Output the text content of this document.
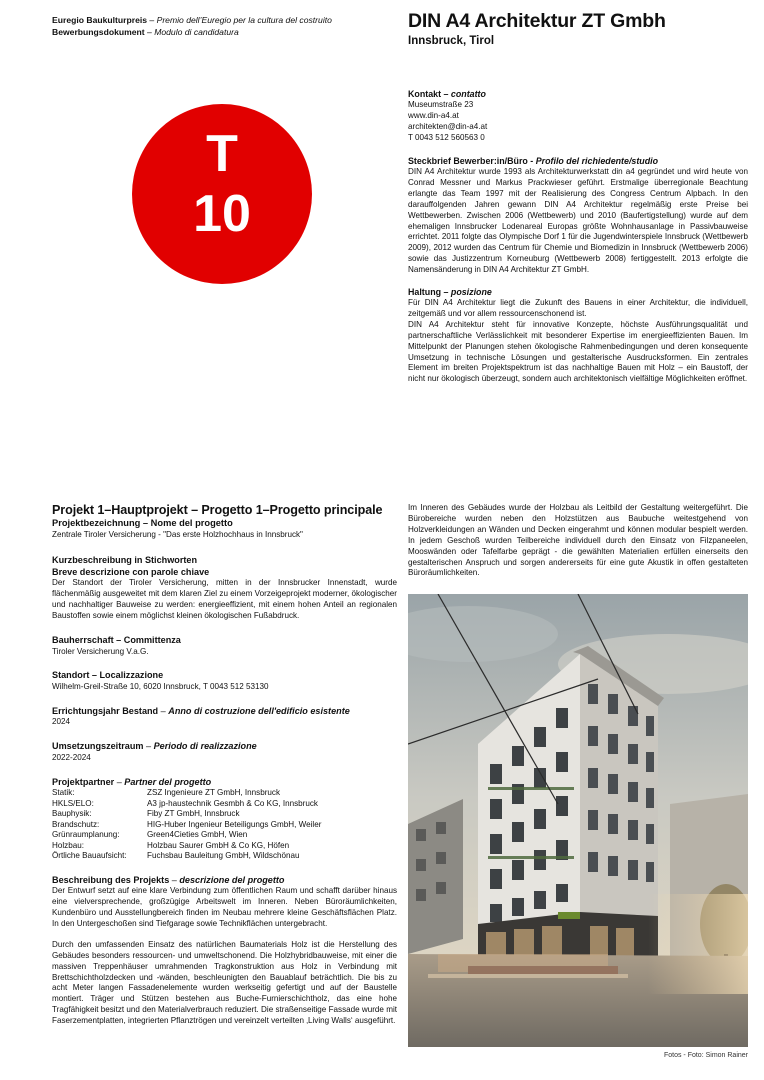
Euregio Baukulturpreis – Premio dell’Euregio per la cultura del costruito
Bewerbungsdokument – Modulo di candidatura	DIN A4 Architektur ZT Gmbh
Innsbruck, Tirol
T
10
Kontakt – contatto
Museumstraße 23
www.din-a4.at
architekten@din-a4.at
T 0043 512 560563 0
Steckbrief Bewerber:in/Büro - Profilo del richiedente/studio
DIN A4 Architektur wurde 1993 als Architekturwerkstatt din a4 gegründet und wird heute von Conrad Messner und Markus Prackwieser geführt. Erstmalige überregionale Beachtung erlangte das Team 1997 mit der Realisierung des Congress Centrum Alpbach. In den darauffolgenden Jahren gewann DIN A4 Architektur regelmäßig erste Preise bei Wettbewerben. Zwischen 2006 (Wettbewerb) und 2010 (Baufertigstellung) wurde auf dem ehemaligen Innsbrucker Lodenareal Europas größte Wohnhausanlage in Passivbauweise errichtet. 2011 folgte das Olympische Dorf 1 für die Jugendwinterspiele Innsbruck (Wettbewerb 2009), 2012 wurden das Centrum für Chemie und Biomedizin in Innsbruck (Wettbewerb 2006) sowie das Justizzentrum Korneuburg (Wettbewerb 2008) fertiggestellt. 2013 erfolgte die Namensänderung in DIN A4 Architektur ZT GmbH.
Haltung – posizione
Für DIN A4 Architektur liegt die Zukunft des Bauens in einer Architektur, die individuell, zeitgemäß und vor allem ressourcenschonend ist.
DIN A4 Architektur steht für innovative Konzepte, höchste Ausführungsqualität und partnerschaftliche Verlässlichkeit mit besonderer Expertise im energieeffizienten Bauen. Im Mittelpunkt der Planungen stehen ökologische Rahmenbedingungen und deren konsequente Umsetzung in technische Lösungen und gestalterische Ausdrucksformen. Ein zentrales Element im breiten Projektspektrum ist das nachhaltige Bauen mit Holz – ein Baustoff, der nicht nur ökologisch überzeugt, sondern auch architektonisch vielfältige Möglichkeiten eröffnet.
Projekt 1–Hauptprojekt – Progetto 1–Progetto principale
Projektbezeichnung – Nome del progetto
Zentrale Tiroler Versicherung - "Das erste Holzhochhaus in Innsbruck"
Kurzbeschreibung in Stichworten
Breve descrizione con parole chiave
Der Standort der Tiroler Versicherung, mitten in der Innsbrucker Innenstadt, wurde flächenmäßig ausgeweitet mit dem klaren Ziel zu einem Vorzeigeprojekt moderner, ökologischer und nachhaltiger Bauweise zu werden: energieeffizient, mit einem hohen Anteil an regionalen Baustoffen sowie einem möglichst kleinen ökologischen Fußabdruck.
Bauherrschaft – Committenza
Tiroler Versicherung V.a.G.
Standort – Localizzazione
Wilhelm-Greil-Straße 10, 6020 Innsbruck, T 0043 512 53130
Errichtungsjahr Bestand – Anno di costruzione dell'edificio esistente
2024
Umsetzungszeitraum – Periodo di realizzazione
2022-2024
Projektpartner – Partner del progetto
Statik:	ZSZ Ingenieure ZT GmbH, Innsbruck
HKLS/ELO:	A3 jp-haustechnik Gesmbh & Co KG, Innsbruck
Bauphysik:	Fiby ZT GmbH, Innsbruck
Brandschutz:	HIG-Huber Ingenieur Beteiligungs GmbH, Weiler
Grünraumplanung:	Green4Cieties GmbH, Wien
Holzbau:	Holzbau Saurer GmbH & Co KG, Höfen
Örtliche Bauaufsicht:	Fuchsbau Bauleitung GmbH, Wildschönau
Beschreibung des Projekts – descrizione del progetto
Der Entwurf setzt auf eine klare Verbindung zum öffentlichen Raum und schafft darüber hinaus eine vielversprechende, großzügige Arbeitswelt im Inneren. Neben Büroräumlichkeiten, Kundenbüro und Ausstellungbereich finden im Neubau mehrere kleine Geschäftsflächen Platz. In den Untergeschoßen sind Tiefgarage sowie Technikflächen untergebracht.
Durch den umfassenden Einsatz des natürlichen Baumaterials Holz ist die Herstellung des Gebäudes besonders ressourcen- und umweltschonend. Die Holzhybridbauweise, mit einer die massiven Treppenhäuser umrahmenden Tragkonstruktion aus Holz in Verbindung mit Brettschichtholzdecken und -wänden, beschleunigten den Bauablauf beträchtlich. Die bis zu acht Meter langen Fassadenelemente wurden werkseitig gefertigt und auf der Baustelle montiert. Träger und Stützen bestehen aus Buche-Furnierschichtholz, das eine hohe Tragfähigkeit besitzt und den Materialverbrauch reduziert. Die straßenseitige Fassade wurde mit Faserzementplatten, integrierten Pflanztrögen und vereinzelt verteilten ‚Living Walls‘ ausgeführt.
Im Inneren des Gebäudes wurde der Holzbau als Leitbild der Gestaltung weitergeführt. Die Bürobereiche wurden neben den Holzstützen aus Baubuche weitestgehend von Holzverkleidungen an Wänden und Decken eingerahmt und können modular bespielt werden. In jedem Geschoß wurden Teilbereiche individuell durch den Einsatz von Filzpaneelen, Mooswänden oder Tafelfarbe geprägt - die gewählten Materialien erfüllen einerseits den gestalterischen Anspruch und sorgen andererseits für eine gute Akustik in offen gestalteten Büroräumlichkeiten.
Fotos - Foto: Simon Rainer
